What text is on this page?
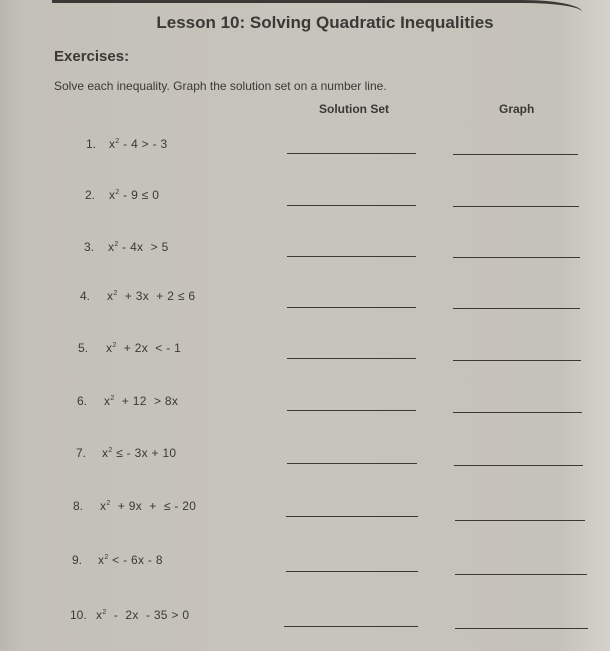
Lesson 10: Solving Quadratic Inequalities
Exercises:
Solve each inequality. Graph the solution set on a number line.
Solution Set	Graph
1. $x^2 - 4$ > - 3
2. $x^2 - 9 \le 0$
3. $x^2 - 4x > 5$
4. $x^2 + 3x + 2 \le 6$
5. $x^2 + 2x$  < - 1
6. $x^2 + 12 > 8x$
7. $x^2$ ≤ - 3x + 10
8. $x^2 + 9x$  +  ≤ - 20
9. $x^2$ < - 6x - 8
10. $x^2 - 2x - 35 > 0$
